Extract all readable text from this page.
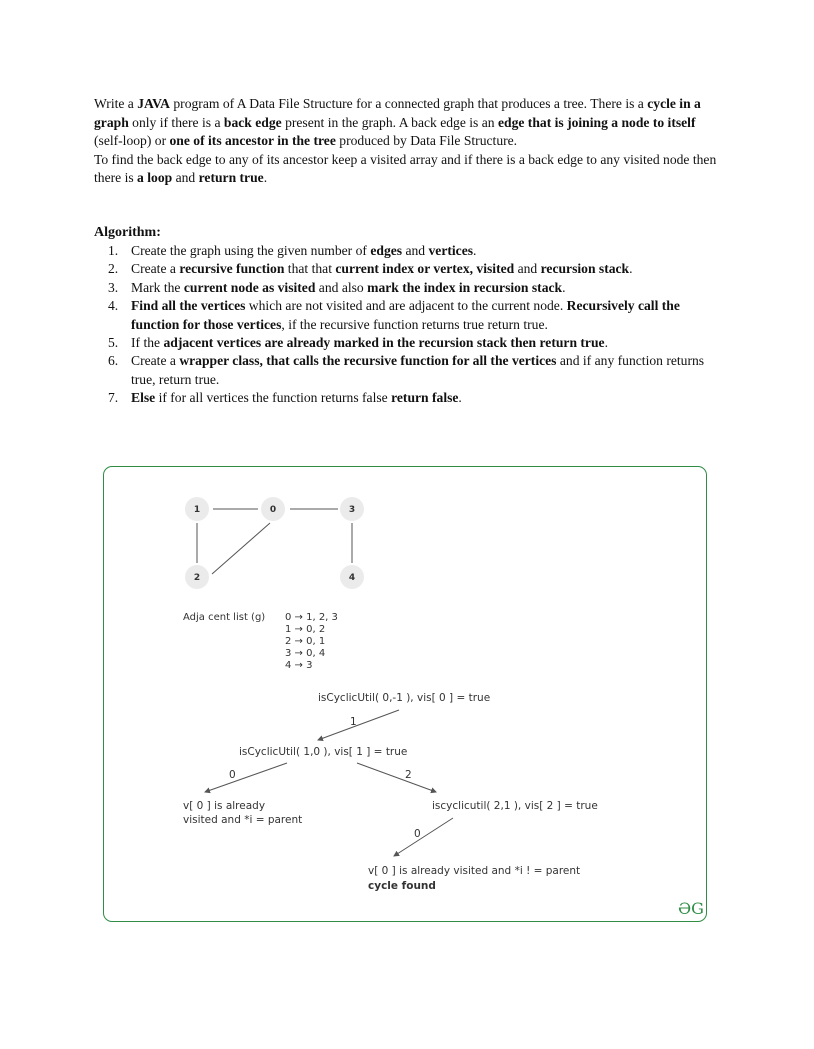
Write a JAVA program of A Data File Structure for a connected graph that produces a tree. There is a cycle in a graph only if there is a back edge present in the graph. A back edge is an edge that is joining a node to itself (self-loop) or one of its ancestor in the tree produced by Data File Structure.
To find the back edge to any of its ancestor keep a visited array and if there is a back edge to any visited node then there is a loop and return true.

Algorithm:
1. Create the graph using the given number of edges and vertices.
2. Create a recursive function that that current index or vertex, visited and recursion stack.
3. Mark the current node as visited and also mark the index in recursion stack.
4. Find all the vertices which are not visited and are adjacent to the current node. Recursively call the function for those vertices, if the recursive function returns true return true.
5. If the adjacent vertices are already marked in the recursion stack then return true.
6. Create a wrapper class, that calls the recursive function for all the vertices and if any function returns true, return true.
7. Else if for all vertices the function returns false return false.
1	0	3
2	4
Adja cent list (g) 0 → 1, 2, 3
1 → 0, 2
2 → 0, 1
3 → 0, 4
4 → 3
isCyclicUtil( 0,-1 ), vis[ 0 ] = true
1
isCyclicUtil( 1,0 ), vis[ 1 ] = true
0	2
v[ 0 ] is already
visited and *i = parent
iscyclicutil( 2,1 ), vis[ 2 ] = true
0
v[ 0 ] is already visited and *i ! = parent
cycle found
ƏG
